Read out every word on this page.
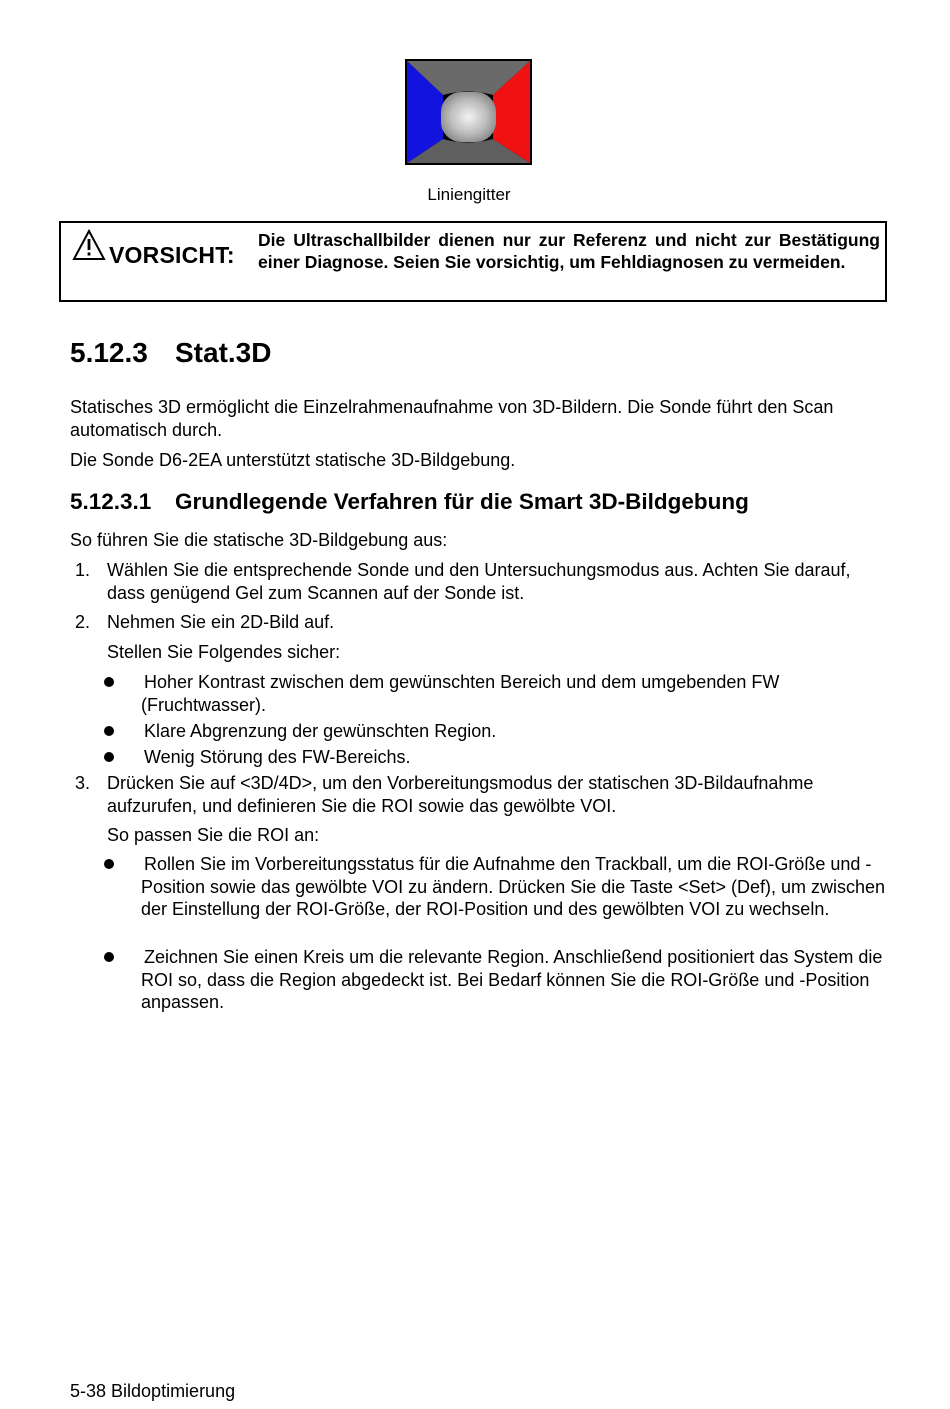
Liniengitter
VORSICHT:
Die Ultraschallbilder dienen nur zur Referenz und nicht zur Bestätigung einer Diagnose. Seien Sie vorsichtig, um Fehldiagnosen zu vermeiden.
5.12.3 Stat.3D
Statisches 3D ermöglicht die Einzelrahmenaufnahme von 3D-Bildern. Die Sonde führt den Scan automatisch durch.
Die Sonde D6-2EA unterstützt statische 3D-Bildgebung.
5.12.3.1 Grundlegende Verfahren für die Smart 3D-Bildgebung
So führen Sie die statische 3D-Bildgebung aus:
1. Wählen Sie die entsprechende Sonde und den Untersuchungsmodus aus. Achten Sie darauf, dass genügend Gel zum Scannen auf der Sonde ist.
2. Nehmen Sie ein 2D-Bild auf.
Stellen Sie Folgendes sicher:
Hoher Kontrast zwischen dem gewünschten Bereich und dem umgebenden FW (Fruchtwasser).
Klare Abgrenzung der gewünschten Region.
Wenig Störung des FW-Bereichs.
3. Drücken Sie auf <3D/4D>, um den Vorbereitungsmodus der statischen 3D-Bildaufnahme aufzurufen, und definieren Sie die ROI sowie das gewölbte VOI.
So passen Sie die ROI an:
Rollen Sie im Vorbereitungsstatus für die Aufnahme den Trackball, um die ROI-Größe und -Position sowie das gewölbte VOI zu ändern. Drücken Sie die Taste <Set> (Def), um zwischen der Einstellung der ROI-Größe, der ROI-Position und des gewölbten VOI zu wechseln.
Zeichnen Sie einen Kreis um die relevante Region. Anschließend positioniert das System die ROI so, dass die Region abgedeckt ist. Bei Bedarf können Sie die ROI-Größe und -Position anpassen.
5-38 Bildoptimierung
